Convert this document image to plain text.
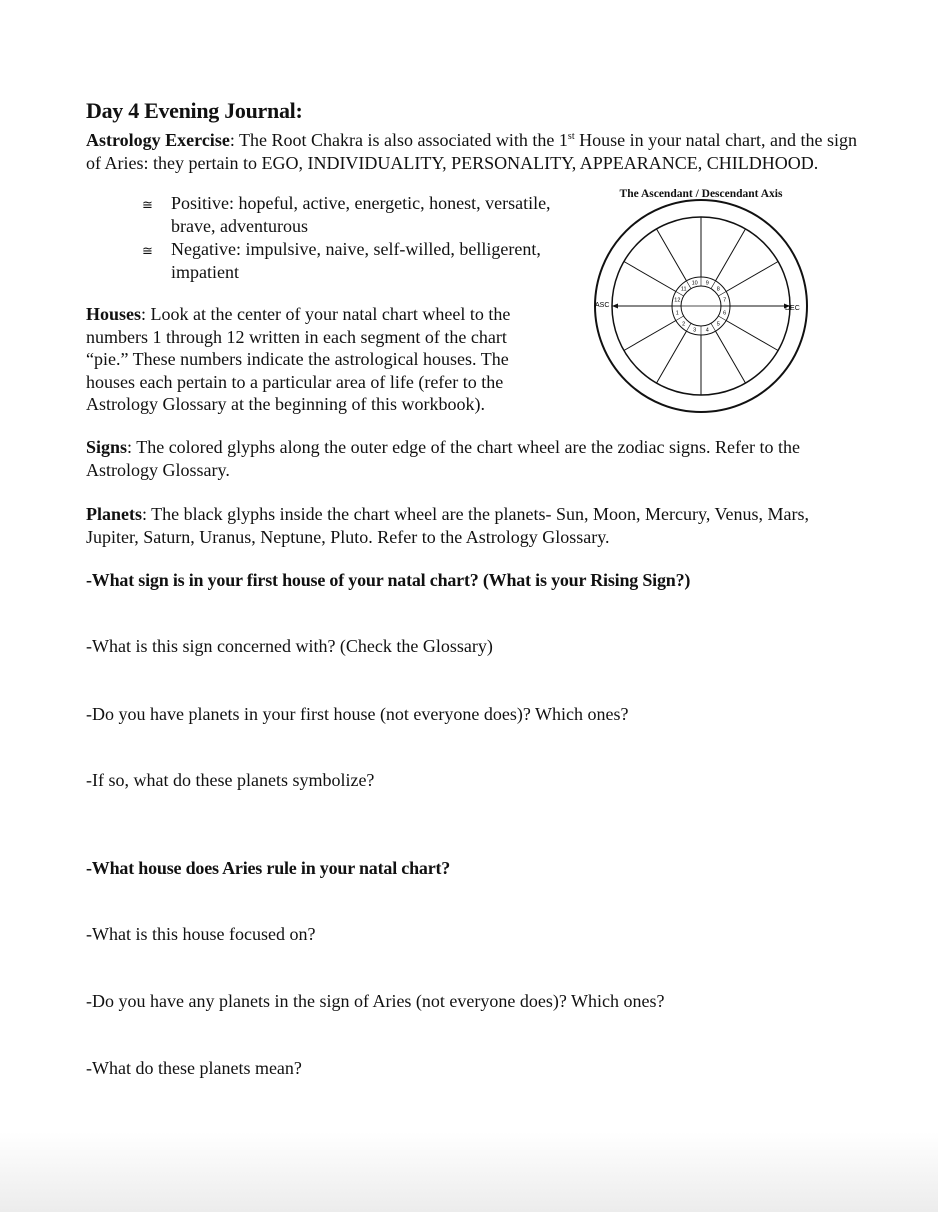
Day 4 Evening Journal:

Astrology Exercise: The Root Chakra is also associated with the 1st House in your natal chart, and the sign of Aries: they pertain to EGO, INDIVIDUALITY, PERSONALITY, APPEARANCE, CHILDHOOD.

≅ Positive: hopeful, active, energetic, honest, versatile, brave, adventurous
≅ Negative: impulsive, naive, self-willed, belligerent, impatient
The Ascendant / Descendant Axis
1
2
3 4
5
6
7
8
9
10
11
12
ASC	DEC

Houses: Look at the center of your natal chart wheel to the numbers 1 through 12 written in each segment of the chart “pie.” These numbers indicate the astrological houses. The houses each pertain to a particular area of life (refer to the Astrology Glossary at the beginning of this workbook).

Signs: The colored glyphs along the outer edge of the chart wheel are the zodiac signs. Refer to the Astrology Glossary.

Planets: The black glyphs inside the chart wheel are the planets- Sun, Moon, Mercury, Venus, Mars, Jupiter, Saturn, Uranus, Neptune, Pluto. Refer to the Astrology Glossary.

-What sign is in your first house of your natal chart? (What is your Rising Sign?)

-What is this sign concerned with? (Check the Glossary)

-Do you have planets in your first house (not everyone does)? Which ones?

-If so, what do these planets symbolize?

-What house does Aries rule in your natal chart?

-What is this house focused on?

-Do you have any planets in the sign of Aries (not everyone does)? Which ones?

-What do these planets mean?
